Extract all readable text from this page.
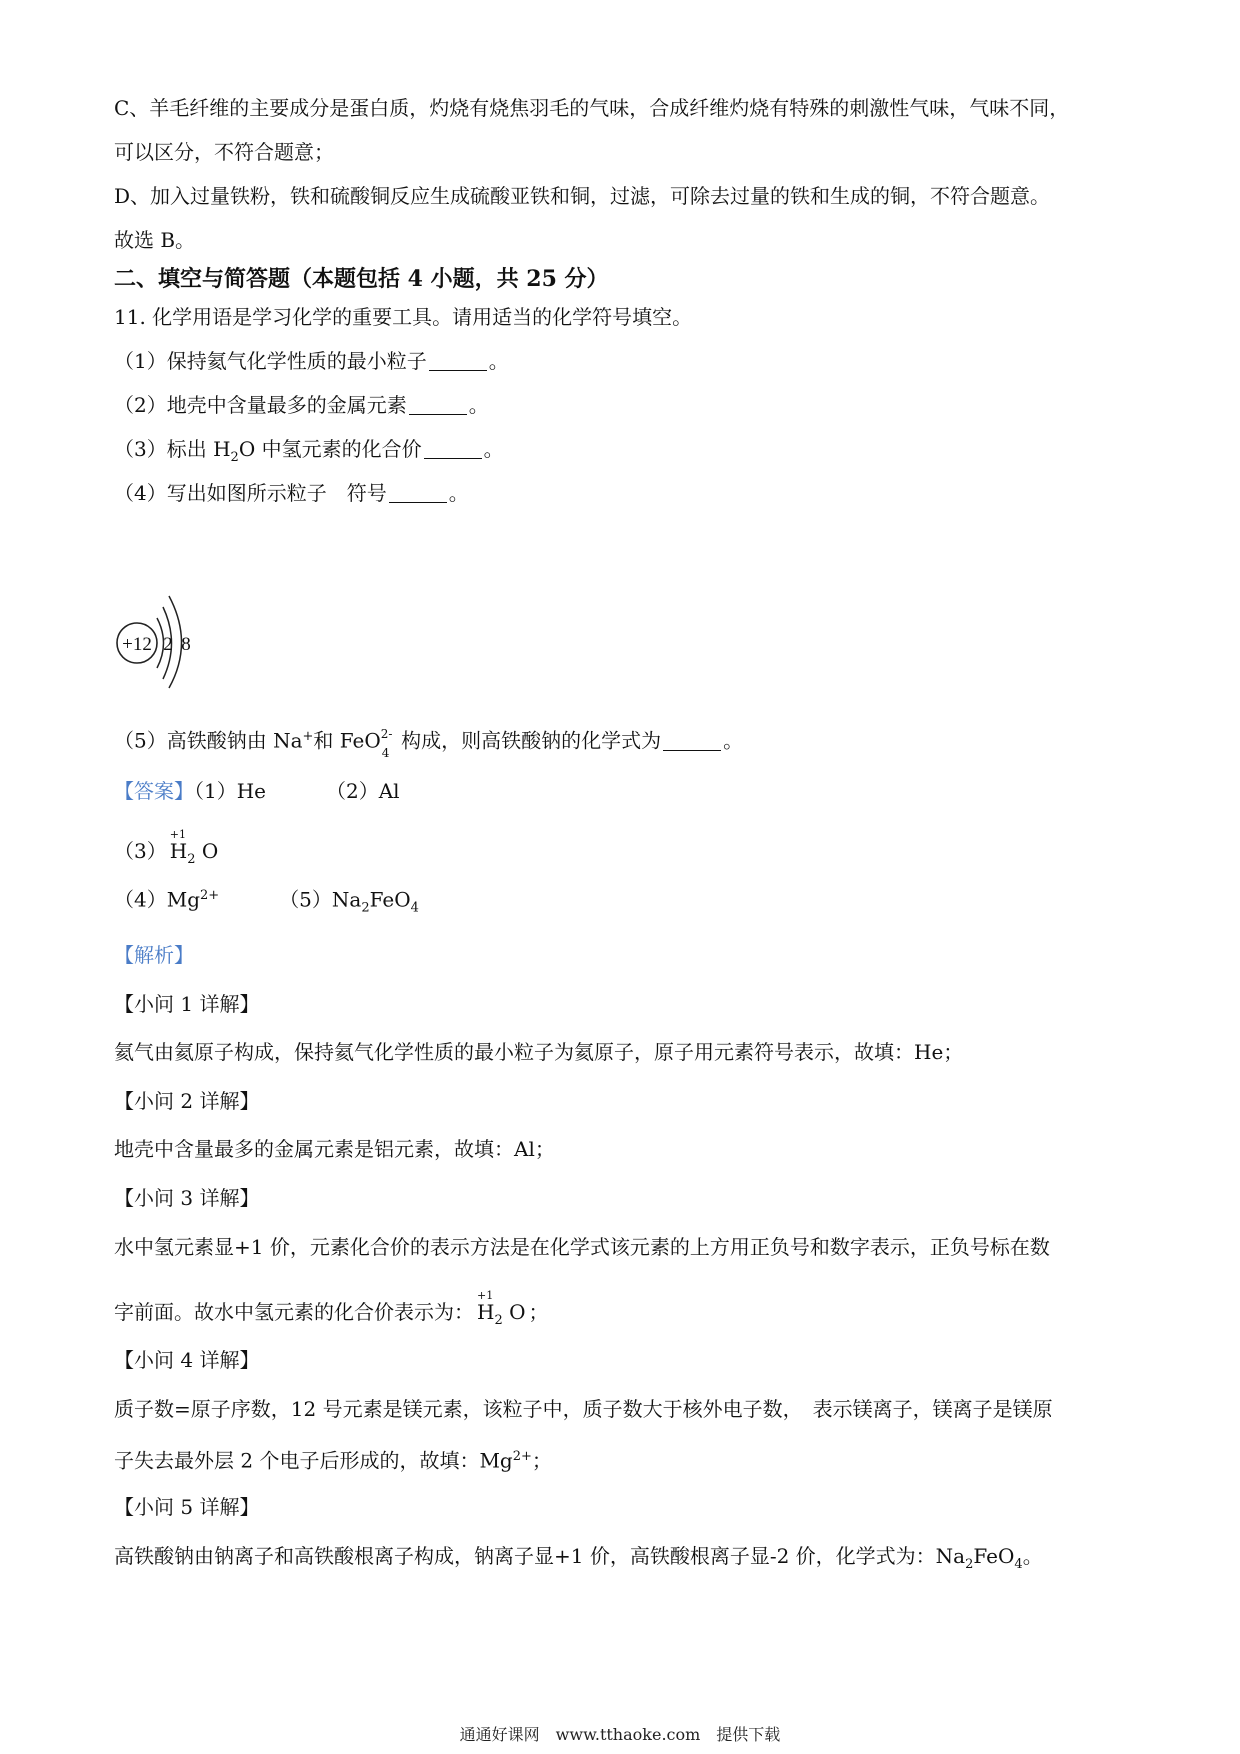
C、羊毛纤维的主要成分是蛋白质，灼烧有烧焦羽毛的气味，合成纤维灼烧有特殊的刺激性气味，气味不同，
可以区分，不符合题意；
D、加入过量铁粉，铁和硫酸铜反应生成硫酸亚铁和铜，过滤，可除去过量的铁和生成的铜，不符合题意。
故选 B。
二、填空与简答题（本题包括 4 小题，共 25 分）
11. 化学用语是学习化学的重要工具。请用适当的化学符号填空。
（1）保持氦气化学性质的最小粒子	。
（2）地壳中含量最多的金属元素	。
（3）标出 $H_2O$ 中氢元素的化合价	。
（4）写出如图所示粒子　符号	。
+12 2 8
（5）高铁酸钠由 Na+和 FeO 2-
4 构成，则高铁酸钠的化学式为	。
【答案】（1）He	（2）Al
（3）
+1
$H_2$ O
$(4)Mg^{2+}$	$(5)Na_2FeO_4$
【解析】
【小问 1 详解】
氦气由氦原子构成，保持氦气化学性质的最小粒子为氦原子，原子用元素符号表示，故填：He；
【小问 2 详解】
地壳中含量最多的金属元素是铝元素，故填：Al；
【小问 3 详解】
水中氢元素显+1 价，元素化合价的表示方法是在化学式该元素的上方用正负号和数字表示，正负号标在数
字前面。故水中氢元素的化合价表示为：
+1
$H_2$ O ；
【小问 4 详解】
质子数=原子序数，12 号元素是镁元素，该粒子中，质子数大于核外电子数，　表示镁离子，镁离子是镁原
子失去最外层 2 个电子后形成的，故填：$Mg^{2+}$；
【小问 5 详解】
高铁酸钠由钠离子和高铁酸根离子构成，钠离子显+1 价，高铁酸根离子显-2 价，化学式为：$Na_2FeO_4$。
通通好课网　www.tthaoke.com　提供下载
